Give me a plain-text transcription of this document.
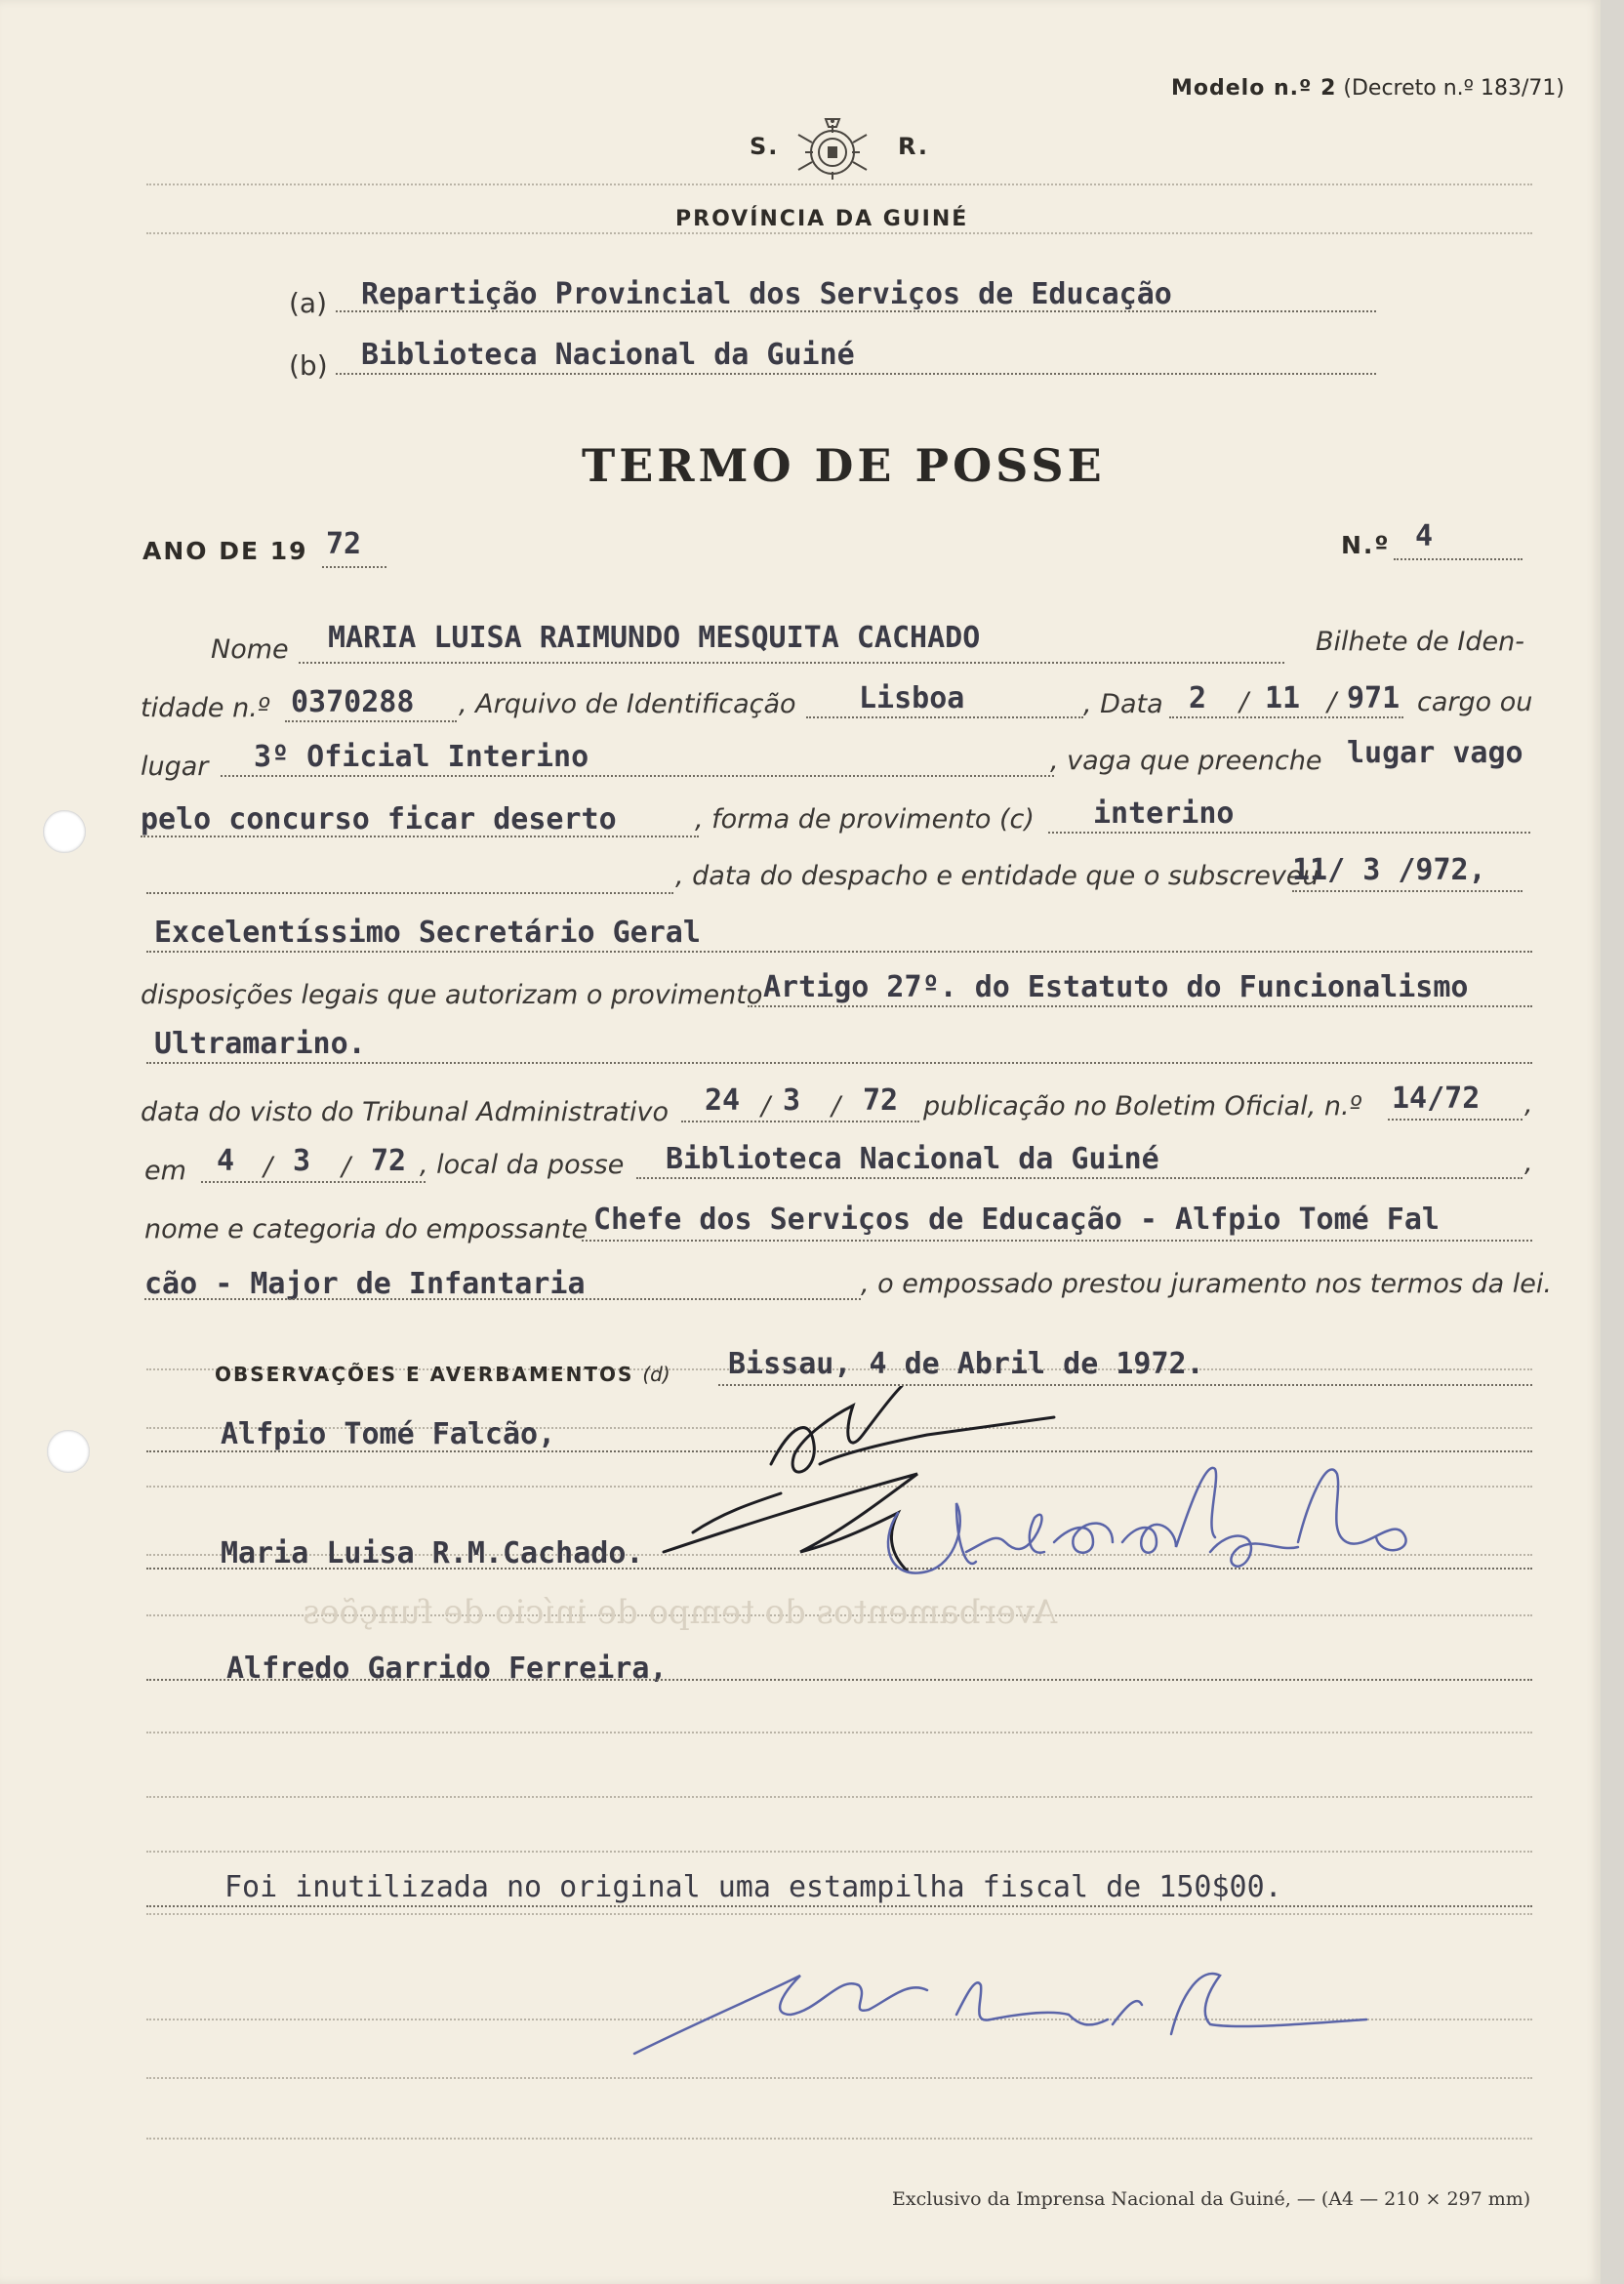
Modelo n.º 2 (Decreto n.º 183/71)
S.	R.
PROVÍNCIA DA GUINÉ
(a) Repartição Provincial dos Serviços de Educação
(b) Biblioteca Nacional da Guiné
TERMO DE POSSE
ANO DE 19 72	N.º 4
Nome MARIA LUISA RAIMUNDO MESQUITA CACHADO	Bilhete de Iden-
tidade n.º 0370288 , Arquivo de Identificação Lisboa	, Data 2 / 11 / 971 cargo ou
lugar 3º Oficial Interino	, vaga que preenche lugar vago
pelo concurso ficar deserto	, forma de provimento (c) interino
, data do despacho e entidade que o subscreveu
11/ 3 /972,
Excelentíssimo Secretário Geral
disposições legais que autorizam o provimento Artigo 27º. do Estatuto do Funcionalismo
Ultramarino.
data do visto do Tribunal Administrativo 24 / 3 / 72 publicação no Boletim Oficial, n.º 14/72 ,
em 4 / 3 / 72 , local da posse Biblioteca Nacional da Guiné	,
nome e categoria do empossante Chefe dos Serviços de Educação - Alfpio Tomé Fal
cão - Major de Infantaria	, o empossado prestou juramento nos termos da lei.
OBSERVAÇÕES E AVERBAMENTOS (d) Bissau, 4 de Abril de 1972.
Alfpio Tomé Falcão,
Maria Luisa R.M.Cachado.
Alfredo Garrido Ferreira,
Averbamentos do tempo de início de funções
Foi inutilizada no original uma estampilha fiscal de 150$00.
Exclusivo da Imprensa Nacional da Guiné, — (A4 — 210 × 297 mm)
